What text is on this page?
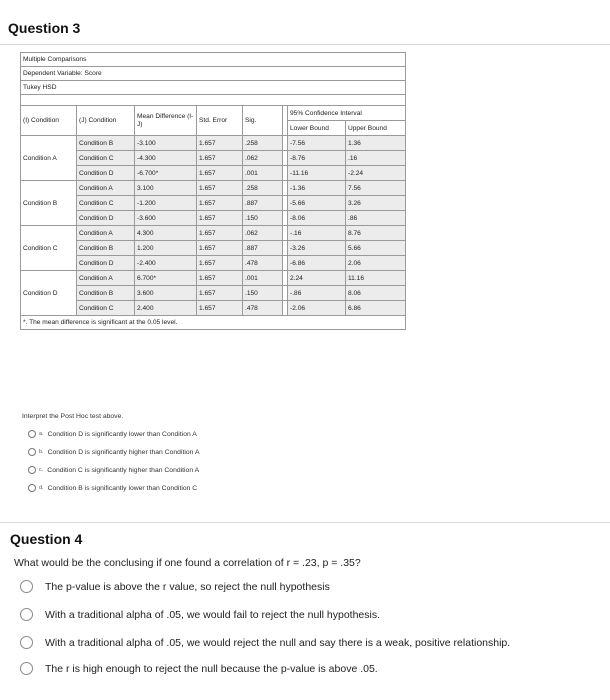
Question 3
Multiple Comparisons							
Dependent Variable: Score							
Tukey HSD							

(I) Condition	(J) Condition	Mean Difference (I-J)	Std. Error	Sig.		95% Confidence Interval	
						Lower Bound	Upper Bound
Condition A	Condition B	-3.100	1.657	.258		-7.56	1.36
	Condition C	-4.300	1.657	.062		-8.76	.16
	Condition D	-6.700*	1.657	.001		-11.16	-2.24
Condition B	Condition A	3.100	1.657	.258		-1.36	7.56
	Condition C	-1.200	1.657	.887		-5.66	3.26
	Condition D	-3.600	1.657	.150		-8.06	.86
Condition C	Condition A	4.300	1.657	.062		-.16	8.76
	Condition B	1.200	1.657	.887		-3.26	5.66
	Condition D	-2.400	1.657	.478		-6.86	2.06
Condition D	Condition A	6.700*	1.657	.001		2.24	11.16
	Condition B	3.600	1.657	.150		-.86	8.06
	Condition C	2.400	1.657	.478		-2.06	6.86
*. The mean difference is significant at the 0.05 level.							
Interpret the Post Hoc test above.
a. Condition D is significantly lower than Condition A
b. Condition D is significantly higher than Condition A
c. Condition C is significantly higher than Condition A
d. Condition B is significantly lower than Condition C
Question 4
What would be the conclusing if one found a correlation of r = .23, p = .35?
The p-value is above the r value, so reject the null hypothesis
With a traditional alpha of .05, we would fail to reject the null hypothesis.
With a traditional alpha of .05, we would reject the null and say there is a weak, positive relationship.
The r is high enough to reject the null because the p-value is above .05.
